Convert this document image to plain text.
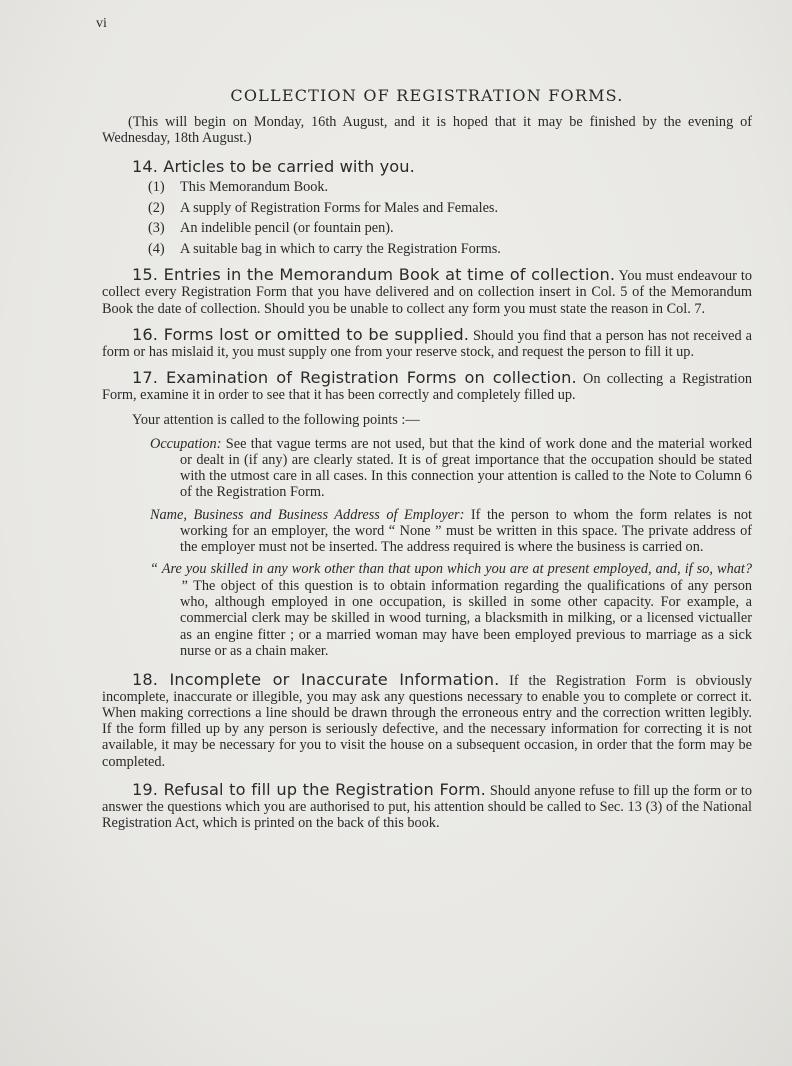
vi
COLLECTION OF REGISTRATION FORMS.

(This will begin on Monday, 16th August, and it is hoped that it may be finished by the evening of Wednesday, 18th August.)

14. Articles to be carried with you.
(1) This Memorandum Book.
(2) A supply of Registration Forms for Males and Females.
(3) An indelible pencil (or fountain pen).
(4) A suitable bag in which to carry the Registration Forms.

15. Entries in the Memorandum Book at time of collection. You must endeavour to collect every Registration Form that you have delivered and on collection insert in Col. 5 of the Memorandum Book the date of collection. Should you be unable to collect any form you must state the reason in Col. 7.

16. Forms lost or omitted to be supplied. Should you find that a person has not received a form or has mislaid it, you must supply one from your reserve stock, and request the person to fill it up.

17. Examination of Registration Forms on collection. On collecting a Registration Form, examine it in order to see that it has been correctly and completely filled up.

Your attention is called to the following points :—

Occupation: See that vague terms are not used, but that the kind of work done and the material worked or dealt in (if any) are clearly stated. It is of great importance that the occupation should be stated with the utmost care in all cases. In this connection your attention is called to the Note to Column 6 of the Registration Form.

Name, Business and Business Address of Employer: If the person to whom the form relates is not working for an employer, the word “ None ” must be written in this space. The private address of the employer must not be inserted. The address required is where the business is carried on.

“ Are you skilled in any work other than that upon which you are at present employed, and, if so, what? ” The object of this question is to obtain information regarding the qualifications of any person who, although employed in one occupation, is skilled in some other capacity. For example, a commercial clerk may be skilled in wood turning, a blacksmith in milking, or a licensed victualler as an engine fitter ; or a married woman may have been employed previous to marriage as a sick nurse or as a chain maker.

18. Incomplete or Inaccurate Information. If the Registration Form is obviously incomplete, inaccurate or illegible, you may ask any questions necessary to enable you to complete or correct it. When making corrections a line should be drawn through the erroneous entry and the correction written legibly. If the form filled up by any person is seriously defective, and the necessary information for correcting it is not available, it may be necessary for you to visit the house on a subsequent occasion, in order that the form may be completed.

19. Refusal to fill up the Registration Form. Should anyone refuse to fill up the form or to answer the questions which you are authorised to put, his attention should be called to Sec. 13 (3) of the National Registration Act, which is printed on the back of this book.
